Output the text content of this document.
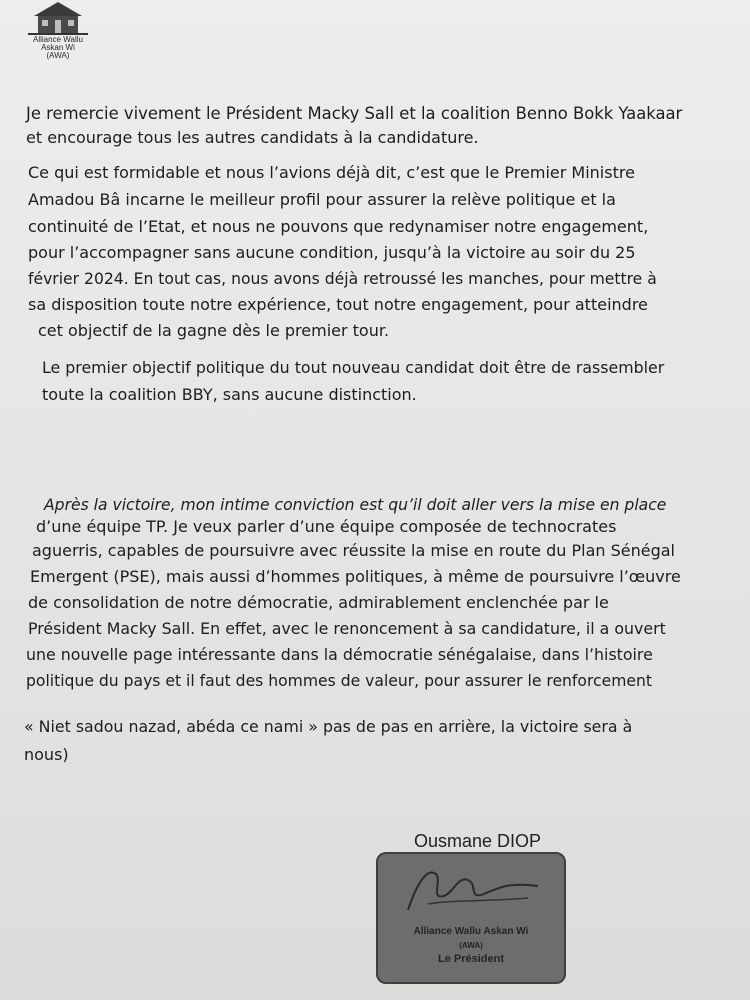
Alliance Wallu
Askan Wi
(AWA)
Je remercie vivement le Président Macky Sall et la coalition Benno Bokk Yaakaar
et encourage tous les autres candidats à la candidature.
Ce qui est formidable et nous l’avions déjà dit, c’est que le Premier Ministre
Amadou Bâ incarne le meilleur profil pour assurer la relève politique et la
continuité de l’Etat, et nous ne pouvons que redynamiser notre engagement,
pour l’accompagner sans aucune condition, jusqu’à la victoire au soir du 25
février 2024. En tout cas, nous avons déjà retroussé les manches, pour mettre à
sa disposition toute notre expérience, tout notre engagement, pour atteindre
cet objectif de la gagne dès le premier tour.
Le premier objectif politique du tout nouveau candidat doit être de rassembler
toute la coalition BBY, sans aucune distinction.
Après la victoire, mon intime conviction est qu’il doit aller vers la mise en place
d’une équipe TP. Je veux parler d’une équipe composée de technocrates
aguerris, capables de poursuivre avec réussite la mise en route du Plan Sénégal
Emergent (PSE), mais aussi d’hommes politiques, à même de poursuivre l’œuvre
de consolidation de notre démocratie, admirablement enclenchée par le
Président Macky Sall. En effet, avec le renoncement à sa candidature, il a ouvert
une nouvelle page intéressante dans la démocratie sénégalaise, dans l’histoire
politique du pays et il faut des hommes de valeur, pour assurer le renforcement
« Niet sadou nazad, abéda ce nami » pas de pas en arrière, la victoire sera à
nous)
Ousmane DIOP
Alliance Wallu Askan Wi
(AWA)
Le Président
